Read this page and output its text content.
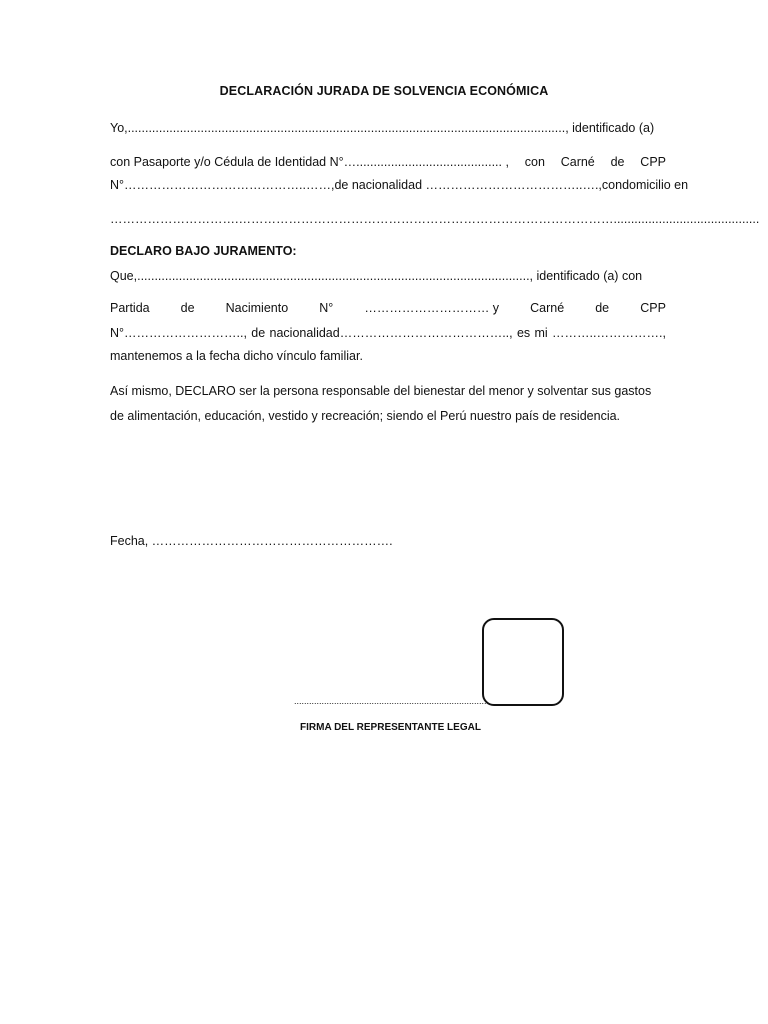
DECLARACIÓN JURADA DE SOLVENCIA ECONÓMICA
Yo,.............................................................................................................................., identificado (a)
con Pasaporte y/o Cédula de Identidad N°….......................................... , con Carné de CPP
N°……………………………………..……, de nacionalidad ………………………………..…., con domicilio en
………………………….………………………………………………………………………………..........................................
DECLARO BAJO JURAMENTO:
Que,................................................................................................................., identificado (a) con
Partida de Nacimiento N° ………………………… y Carné de CPP
N°……………………….., de nacionalidad………………………………….., es mi ………..…………….,
mantenemos a la fecha dicho vínculo familiar.
Así mismo, DECLARO ser la persona responsable del bienestar del menor y solventar sus gastos
de alimentación, educación, vestido y recreación; siendo el Perú nuestro país de residencia.
Fecha, ………………………………………………….
..............................................................................
FIRMA DEL REPRESENTANTE LEGAL
